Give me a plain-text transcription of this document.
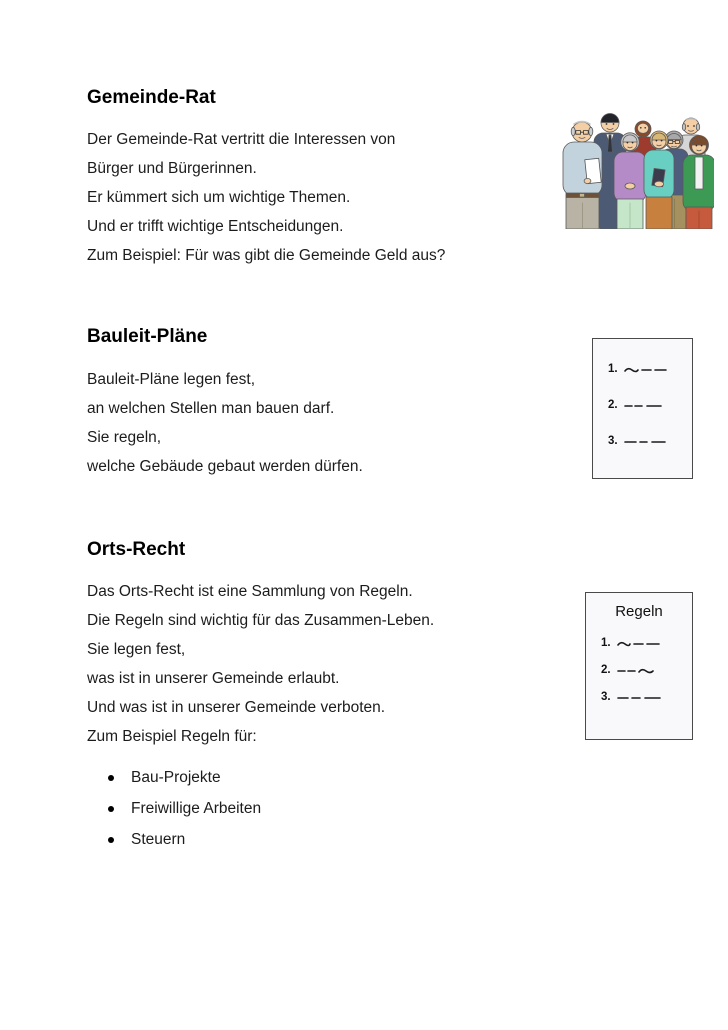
Gemeinde-Rat

Der Gemeinde-Rat vertritt die Interessen von
Bürger und Bürgerinnen.
Er kümmert sich um wichtige Themen.
Und er trifft wichtige Entscheidungen.
Zum Beispiel: Für was gibt die Gemeinde Geld aus?

Bauleit-Pläne

Bauleit-Pläne legen fest,
an welchen Stellen man bauen darf.
Sie regeln,
welche Gebäude gebaut werden dürfen.

1.
2.
3.
Orts-Recht

Das Orts-Recht ist eine Sammlung von Regeln.
Die Regeln sind wichtig für das Zusammen-Leben.
Sie legen fest,
was ist in unserer Gemeinde erlaubt.
Und was ist in unserer Gemeinde verboten.
Zum Beispiel Regeln für:

Bau-Projekte
Freiwillige Arbeiten
Steuern
Regeln
1.
2.
3.
